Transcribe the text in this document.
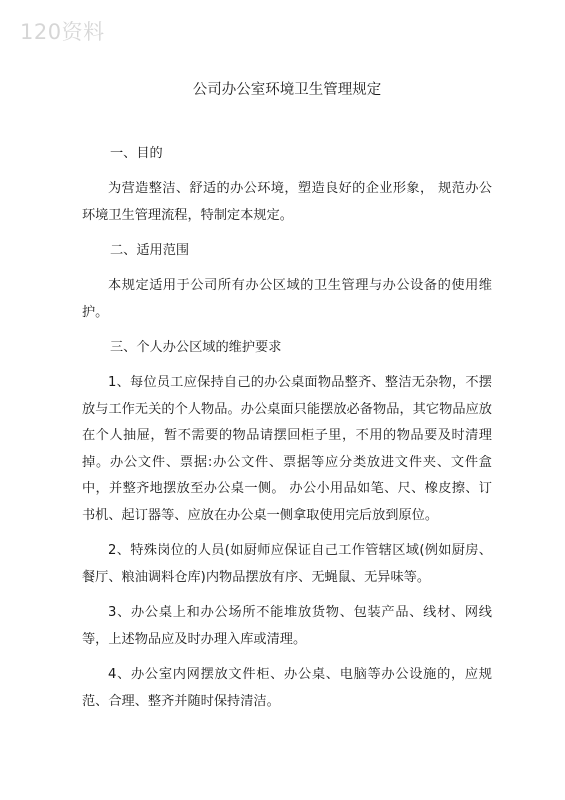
120资料
公司办公室环境卫生管理规定
一、目的
为营造整洁、舒适的办公环境，塑造良好的企业形象， 规范办公环境卫生管理流程，特制定本规定。
二、适用范围
本规定适用于公司所有办公区域的卫生管理与办公设备的使用维护。
三、个人办公区域的维护要求
1、每位员工应保持自己的办公桌面物品整齐、整洁无杂物，不摆放与工作无关的个人物品。办公桌面只能摆放必备物品，其它物品应放在个人抽屉，暂不需要的物品请摆回柜子里，不用的物品要及时清理掉。办公文件、票据:办公文件、票据等应分类放进文件夹、文件盒中，并整齐地摆放至办公桌一侧。 办公小用品如笔、尺、橡皮擦、订书机、起订器等、应放在办公桌一侧拿取使用完后放到原位。
2、特殊岗位的人员(如厨师应保证自己工作管辖区域(例如厨房、餐厅、粮油调料仓库)内物品摆放有序、无蝇鼠、无异味等。
3、办公桌上和办公场所不能堆放货物、包装产品、线材、网线等，上述物品应及时办理入库或清理。
4、办公室内网摆放文件柜、办公桌、电脑等办公设施的，应规范、合理、整齐并随时保持清洁。
